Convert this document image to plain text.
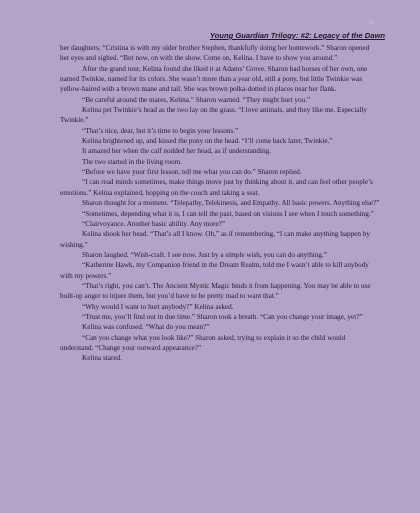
16
Young Guardian Trilogy: #2: Legacy of the Dawn

her daughters. “Cristina is with my older brother Stephen, thankfully doing her homework.” Sharon opened her eyes and sighed. “But now, on with the show. Come on, Kelina. I have to show you around.”

After the grand tour, Kelina found she liked it at Adams’ Grove. Sharon had horses of her own, one named Twinkie, named for its colors. She wasn’t more than a year old, still a pony, but little Twinkie was yellow-haired with a brown mane and tail. She was brown polka-dotted in places near her flank.

“Be careful around the mares, Kelina.” Sharon warned. “They might hurt you.”

Kelina pet Twinkie’s head as the two lay on the grass. “I love animals, and they like me. Especially Twinkie.”

“That’s nice, dear, but it’s time to begin your lessons.”

Kelina brightened up, and kissed the pony on the head. “I’ll come back later, Twinkie.”

It amazed her when the calf nodded her head, as if understanding.

The two started in the living room.

“Before we have your first lesson, tell me what you can do.” Sharon replied.

“I can read minds sometimes, make things move just by thinking about it, and can feel other people’s emotions.” Kelina explained, hopping on the couch and taking a seat.

Sharon thought for a moment. “Telepathy, Telekinesis, and Empathy. All basic powers. Anything else?”

“Sometimes, depending what it is, I can tell the past, based on visions I see when I touch something.”

“Clairvoyance. Another basic ability. Any more?”

Kelina shook her head. “That’s all I know. Oh,” as if remembering, “I can make anything happen by wishing.”

Sharon laughed. “Wish-craft. I see now. Just by a simple wish, you can do anything.”

“Katherine Hawk, my Companion friend in the Dream Realm, told me I wasn’t able to kill anybody with my powers.”

“That’s right, you can’t. The Ancient Mystic Magic binds it from happening. You may be able to use built-up anger to injure them, but you’d have to be pretty mad to want that.”

“Why would I want to hurt anybody?” Kelina asked.

“Trust me, you’ll find out in due time.” Sharon took a breath. “Can you change your image, yet?”

Kelina was confused. “What do you mean?”

“Can you change what you look like?” Sharon asked, trying to explain it so the child would understand. “Change your outward appearance?”

Kelina stared.
